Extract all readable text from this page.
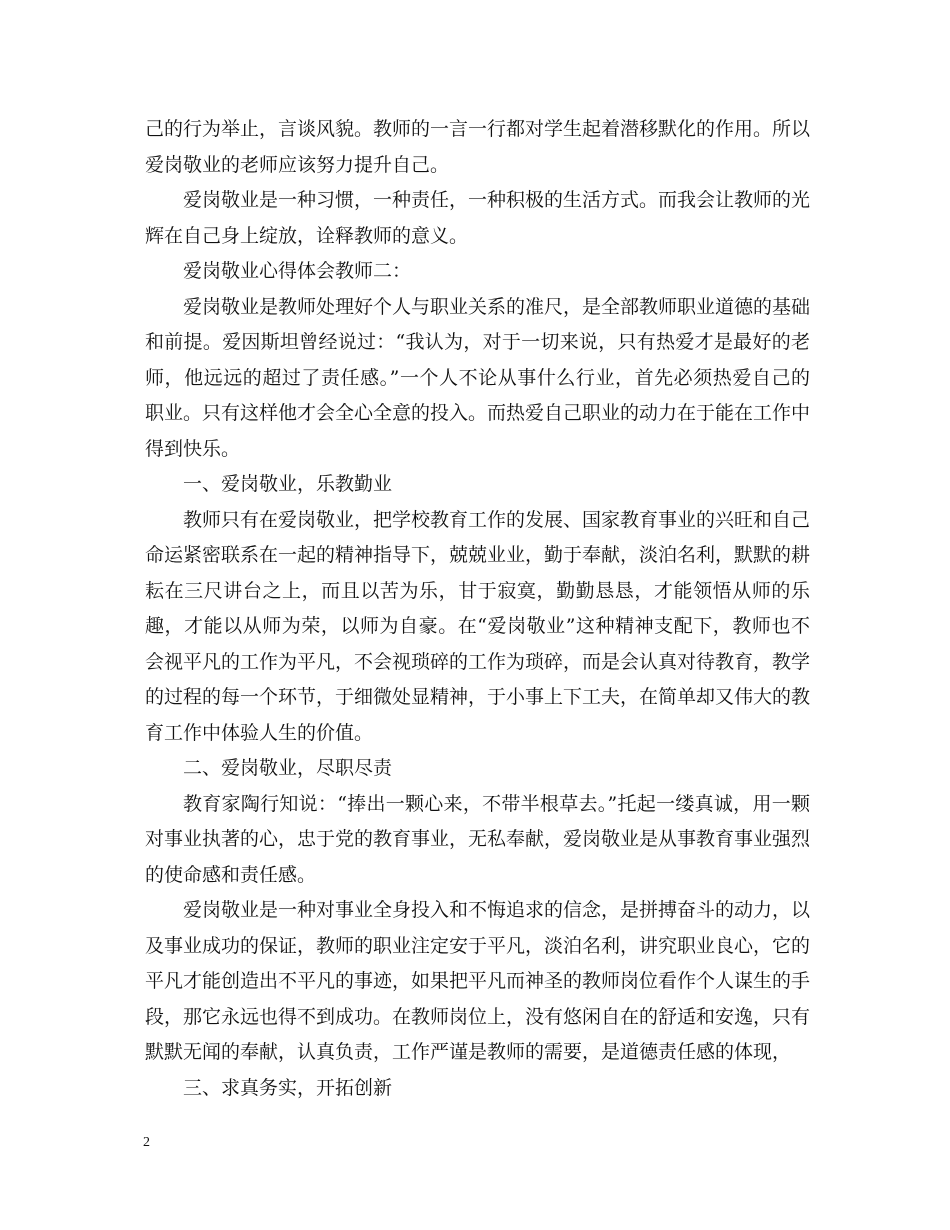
己的行为举止，言谈风貌。教师的一言一行都对学生起着潜移默化的作用。所以爱岗敬业的老师应该努力提升自己。

爱岗敬业是一种习惯，一种责任，一种积极的生活方式。而我会让教师的光辉在自己身上绽放，诠释教师的意义。

爱岗敬业心得体会教师二：

爱岗敬业是教师处理好个人与职业关系的准尺，是全部教师职业道德的基础和前提。爱因斯坦曾经说过：“我认为，对于一切来说，只有热爱才是最好的老师，他远远的超过了责任感。”一个人不论从事什么行业，首先必须热爱自己的职业。只有这样他才会全心全意的投入。而热爱自己职业的动力在于能在工作中得到快乐。

一、爱岗敬业，乐教勤业

教师只有在爱岗敬业，把学校教育工作的发展、国家教育事业的兴旺和自己命运紧密联系在一起的精神指导下，兢兢业业，勤于奉献，淡泊名利，默默的耕耘在三尺讲台之上，而且以苦为乐，甘于寂寞，勤勤恳恳，才能领悟从师的乐趣，才能以从师为荣，以师为自豪。在“爱岗敬业”这种精神支配下，教师也不会视平凡的工作为平凡，不会视琐碎的工作为琐碎，而是会认真对待教育，教学的过程的每一个环节，于细微处显精神，于小事上下工夫，在简单却又伟大的教育工作中体验人生的价值。

二、爱岗敬业，尽职尽责

教育家陶行知说：“捧出一颗心来，不带半根草去。”托起一缕真诚，用一颗对事业执著的心，忠于党的教育事业，无私奉献，爱岗敬业是从事教育事业强烈的使命感和责任感。

爱岗敬业是一种对事业全身投入和不悔追求的信念，是拼搏奋斗的动力，以及事业成功的保证，教师的职业注定安于平凡，淡泊名利，讲究职业良心，它的平凡才能创造出不平凡的事迹，如果把平凡而神圣的教师岗位看作个人谋生的手段，那它永远也得不到成功。在教师岗位上，没有悠闲自在的舒适和安逸，只有默默无闻的奉献，认真负责，工作严谨是教师的需要，是道德责任感的体现，

三、求真务实，开拓创新

2
